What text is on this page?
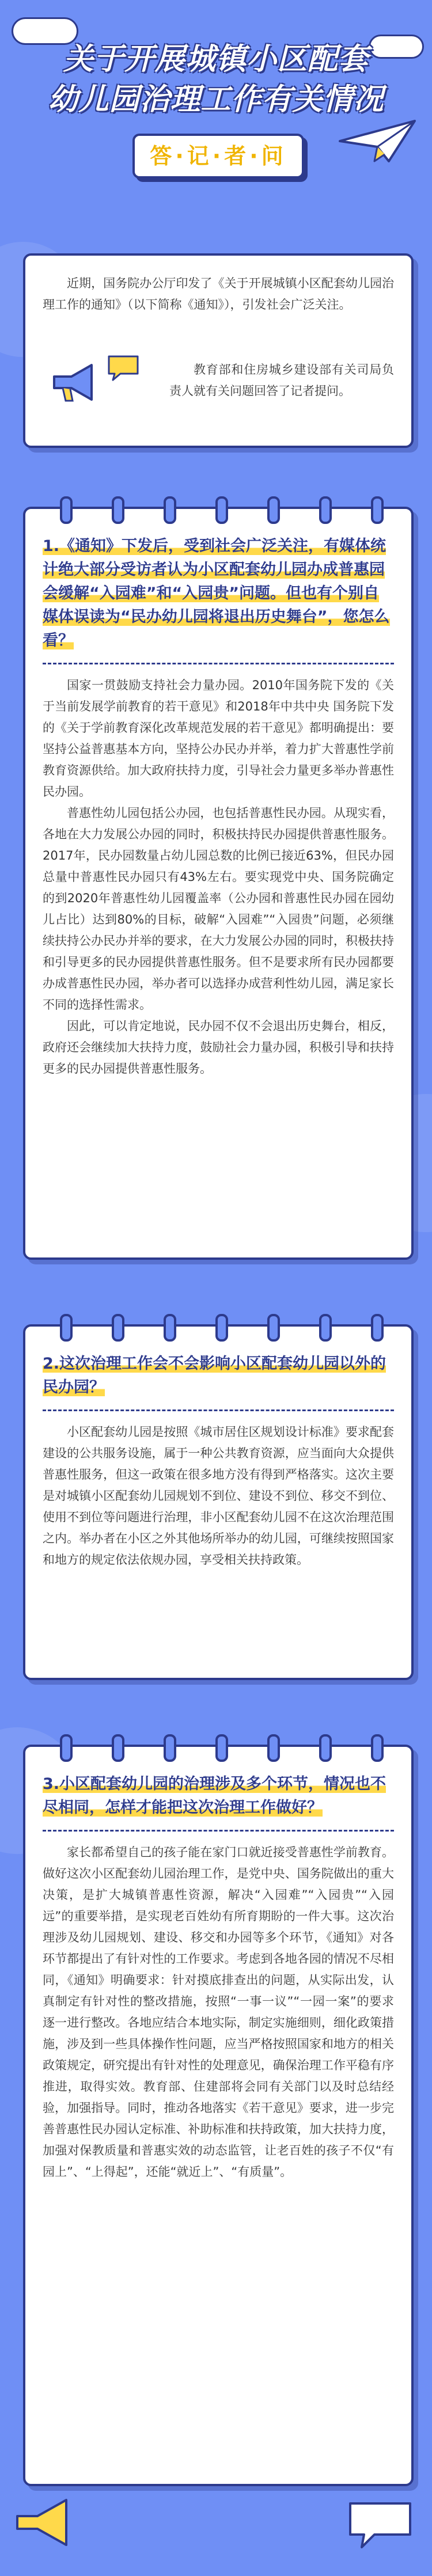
关于开展城镇小区配套
幼儿园治理工作有关情况
答·记·者·问

近期，国务院办公厅印发了《关于开展城镇小区配套幼儿园治理工作的通知》（以下简称《通知》），引发社会广泛关注。

教育部和住房城乡建设部有关司局负责人就有关问题回答了记者提问。

1.《通知》下发后，受到社会广泛关注，有媒体统计绝大部分受访者认为小区配套幼儿园办成普惠园会缓解“入园难”和“入园贵”问题。但也有个别自媒体误读为“民办幼儿园将退出历史舞台”，您怎么看？

国家一贯鼓励支持社会力量办园。2010年国务院下发的《关于当前发展学前教育的若干意见》和2018年中共中央 国务院下发的《关于学前教育深化改革规范发展的若干意见》都明确提出：要坚持公益普惠基本方向，坚持公办民办并举，着力扩大普惠性学前教育资源供给。加大政府扶持力度，引导社会力量更多举办普惠性民办园。

普惠性幼儿园包括公办园，也包括普惠性民办园。从现实看，各地在大力发展公办园的同时，积极扶持民办园提供普惠性服务。2017年，民办园数量占幼儿园总数的比例已接近63%，但民办园总量中普惠性民办园只有43%左右。要实现党中央、国务院确定的到2020年普惠性幼儿园覆盖率（公办园和普惠性民办园在园幼儿占比）达到80%的目标，破解“入园难”“入园贵”问题，必须继续扶持公办民办并举的要求，在大力发展公办园的同时，积极扶持和引导更多的民办园提供普惠性服务。但不是要求所有民办园都要办成普惠性民办园，举办者可以选择办成营利性幼儿园，满足家长不同的选择性需求。

因此，可以肯定地说，民办园不仅不会退出历史舞台，相反，政府还会继续加大扶持力度，鼓励社会力量办园，积极引导和扶持更多的民办园提供普惠性服务。

2.这次治理工作会不会影响小区配套幼儿园以外的民办园？

小区配套幼儿园是按照《城市居住区规划设计标准》要求配套建设的公共服务设施，属于一种公共教育资源，应当面向大众提供普惠性服务，但这一政策在很多地方没有得到严格落实。这次主要是对城镇小区配套幼儿园规划不到位、建设不到位、移交不到位、使用不到位等问题进行治理，非小区配套幼儿园不在这次治理范围之内。举办者在小区之外其他场所举办的幼儿园，可继续按照国家和地方的规定依法依规办园，享受相关扶持政策。

3.小区配套幼儿园的治理涉及多个环节，情况也不尽相同，怎样才能把这次治理工作做好？

家长都希望自己的孩子能在家门口就近接受普惠性学前教育。做好这次小区配套幼儿园治理工作，是党中央、国务院做出的重大决策，是扩大城镇普惠性资源，解决“入园难”“入园贵”“入园远”的重要举措，是实现老百姓幼有所育期盼的一件大事。这次治理涉及幼儿园规划、建设、移交和办园等多个环节，《通知》对各环节都提出了有针对性的工作要求。考虑到各地各园的情况不尽相同，《通知》明确要求：针对摸底排查出的问题，从实际出发，认真制定有针对性的整改措施，按照“一事一议”“一园一案”的要求逐一进行整改。各地应结合本地实际，制定实施细则，细化政策措施，涉及到一些具体操作性问题，应当严格按照国家和地方的相关政策规定，研究提出有针对性的处理意见，确保治理工作平稳有序推进，取得实效。教育部、住建部将会同有关部门以及时总结经验，加强指导。同时，推动各地落实《若干意见》要求，进一步完善普惠性民办园认定标准、补助标准和扶持政策，加大扶持力度，加强对保教质量和普惠实效的动态监管，让老百姓的孩子不仅“有园上”、“上得起”，还能“就近上”、“有质量”。
